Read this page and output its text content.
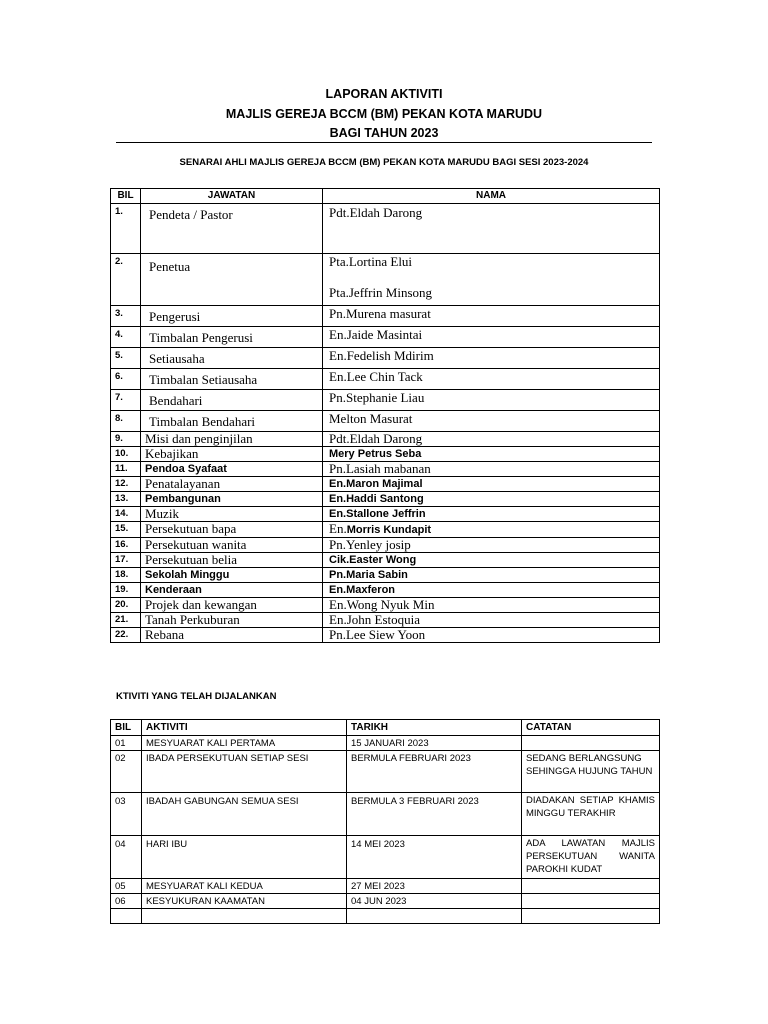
LAPORAN AKTIVITI
MAJLIS GEREJA BCCM (BM) PEKAN KOTA MARUDU
BAGI TAHUN 2023
SENARAI AHLI MAJLIS GEREJA BCCM (BM) PEKAN KOTA MARUDU BAGI SESI 2023-2024
BIL	JAWATAN	NAMA
1.	Pendeta / Pastor	Pdt.Eldah Darong
2.	Penetua	Pta.Lortina Elui
Pta.Jeffrin Minsong

3.	Pengerusi	Pn.Murena masurat
4.	Timbalan Pengerusi	En.Jaide Masintai
5.	Setiausaha	En.Fedelish Mdirim
6.	Timbalan Setiausaha	En.Lee Chin Tack
7.	Bendahari	Pn.Stephanie Liau
8.	Timbalan Bendahari	Melton Masurat
9.	Misi dan penginjilan	Pdt.Eldah Darong
10.	Kebajikan	Mery Petrus Seba
11.	Pendoa Syafaat	Pn.Lasiah mabanan
12.	Penatalayanan	En.Maron Majimal
13.	Pembangunan	En.Haddi Santong
14.	Muzik	En.Stallone Jeffrin
15.	Persekutuan bapa	En.Morris Kundapit
16.	Persekutuan wanita	Pn.Yenley josip
17.	Persekutuan belia	Cik.Easter Wong
18.	Sekolah Minggu	Pn.Maria Sabin
19.	Kenderaan	En.Maxferon
20.	Projek dan kewangan	En.Wong Nyuk Min
21.	Tanah Perkuburan	En.John Estoquia
22.	Rebana	Pn.Lee Siew Yoon
KTIVITI YANG TELAH DIJALANKAN
BIL	AKTIVITI	TARIKH	CATATAN
01	MESYUARAT KALI PERTAMA	15 JANUARI 2023	
02	IBADA PERSEKUTUAN SETIAP SESI	BERMULA FEBRUARI 2023	SEDANG BERLANGSUNG SEHINGGA HUJUNG TAHUN
03	IBADAH GABUNGAN SEMUA SESI	BERMULA 3 FEBRUARI 2023	DIADAKAN SETIAP KHAMIS MINGGU TERAKHIR
04	HARI IBU	14 MEI 2023	ADA LAWATAN MAJLIS PERSEKUTUAN WANITA PAROKHI KUDAT
05	MESYUARAT KALI KEDUA	27 MEI 2023	
06	KESYUKURAN KAAMATAN	04 JUN 2023	
